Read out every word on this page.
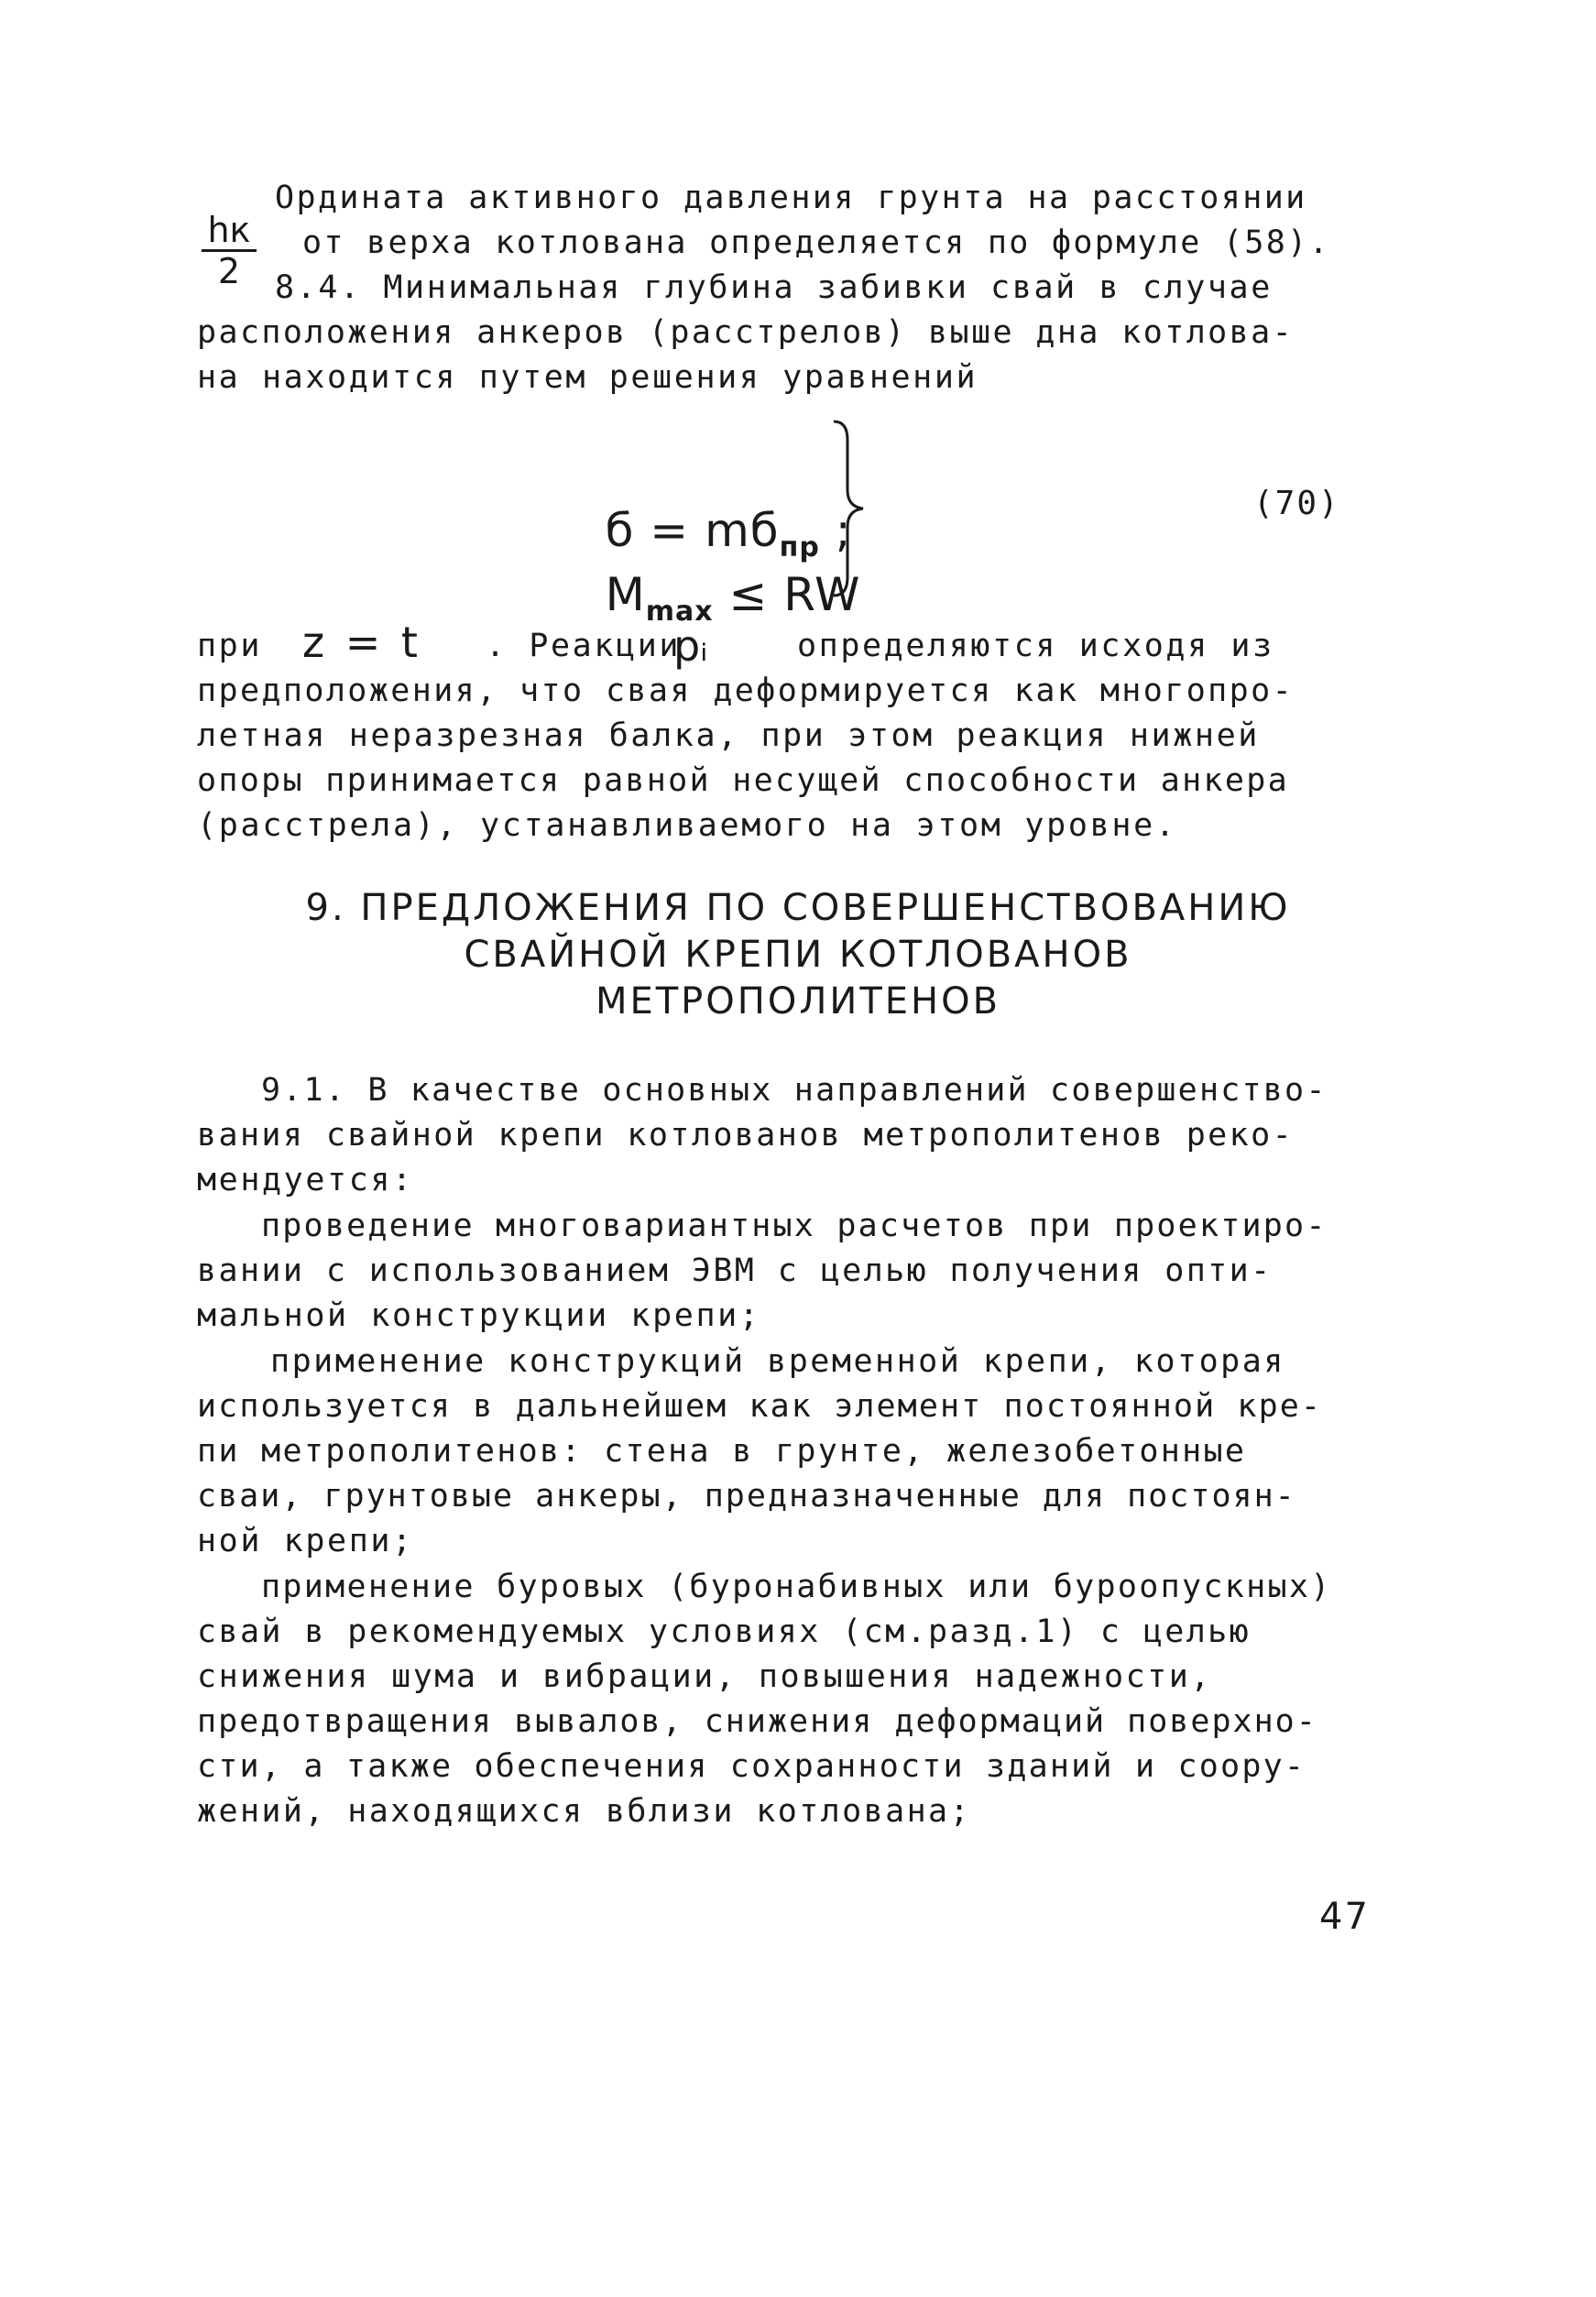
Ордината активного давления грунта на расстоянии
hк
2
от верха котлована определяется по формуле (58).
8.4. Минимальная глубина забивки свай в случае
расположения анкеров (расстрелов) выше дна котлова-
на находится путем решения уравнений

$б = mб_{пр}$ ;

$M_{max}$ ≤ RW

(70)
при z = t . Реакции
pᵢ	определяются исходя из
предположения, что свая деформируется как многопро-
летная неразрезная балка, при этом реакция нижней
опоры принимается равной несущей способности анкера
(расстрела), устанавливаемого на этом уровне.
9. ПРЕДЛОЖЕНИЯ ПО СОВЕРШЕНСТВОВАНИЮ
СВАЙНОЙ КРЕПИ КОТЛОВАНОВ
МЕТРОПОЛИТЕНОВ
9.1. В качестве основных направлений совершенство-
вания свайной крепи котлованов метрополитенов реко-
мендуется:
проведение многовариантных расчетов при проектиро-
вании с использованием ЭВМ с целью получения опти-
мальной конструкции крепи;
применение конструкций временной крепи, которая
используется в дальнейшем как элемент постоянной кре-
пи метрополитенов: стена в грунте, железобетонные
сваи, грунтовые анкеры, предназначенные для постоян-
ной крепи;
применение буровых (буронабивных или буроопускных)
свай в рекомендуемых условиях (см.разд.1) с целью
снижения шума и вибрации, повышения надежности,
предотвращения вывалов, снижения деформаций поверхно-
сти, а также обеспечения сохранности зданий и соору-
жений, находящихся вблизи котлована;
47
